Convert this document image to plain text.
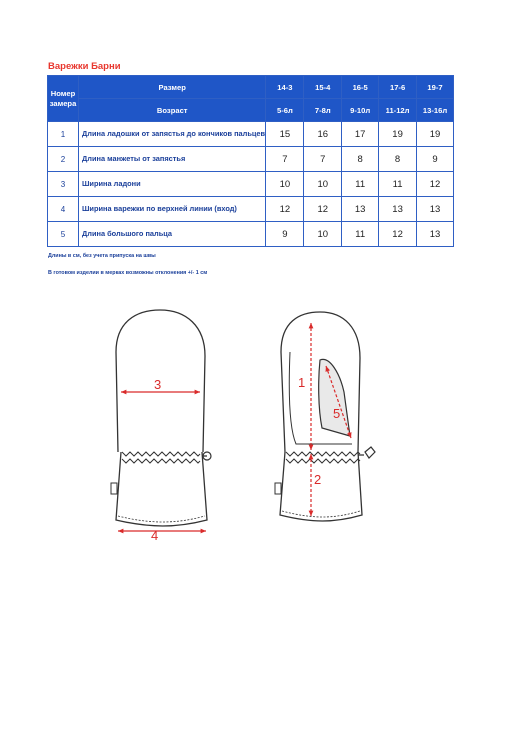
Варежки Барни
Номер замера	Размер	14-3	15-4	16-5	17-6	19-7
	Возраст	5-6л	7-8л	9-10л	11-12л	13-16л
1	Длина ладошки от запястья до кончиков пальцев	15	16	17	19	19
2	Длина манжеты от запястья	7	7	8	8	9
3	Ширина ладони	10	10	11	11	12
4	Ширина варежки по верхней линии (вход)	12	12	13	13	13
5	Длина большого пальца	9	10	11	12	13
Длины в см, без учета припуска на швы
В готовом изделии в мерках возможны отклонения +/- 1 см
3
4
1
2
5
